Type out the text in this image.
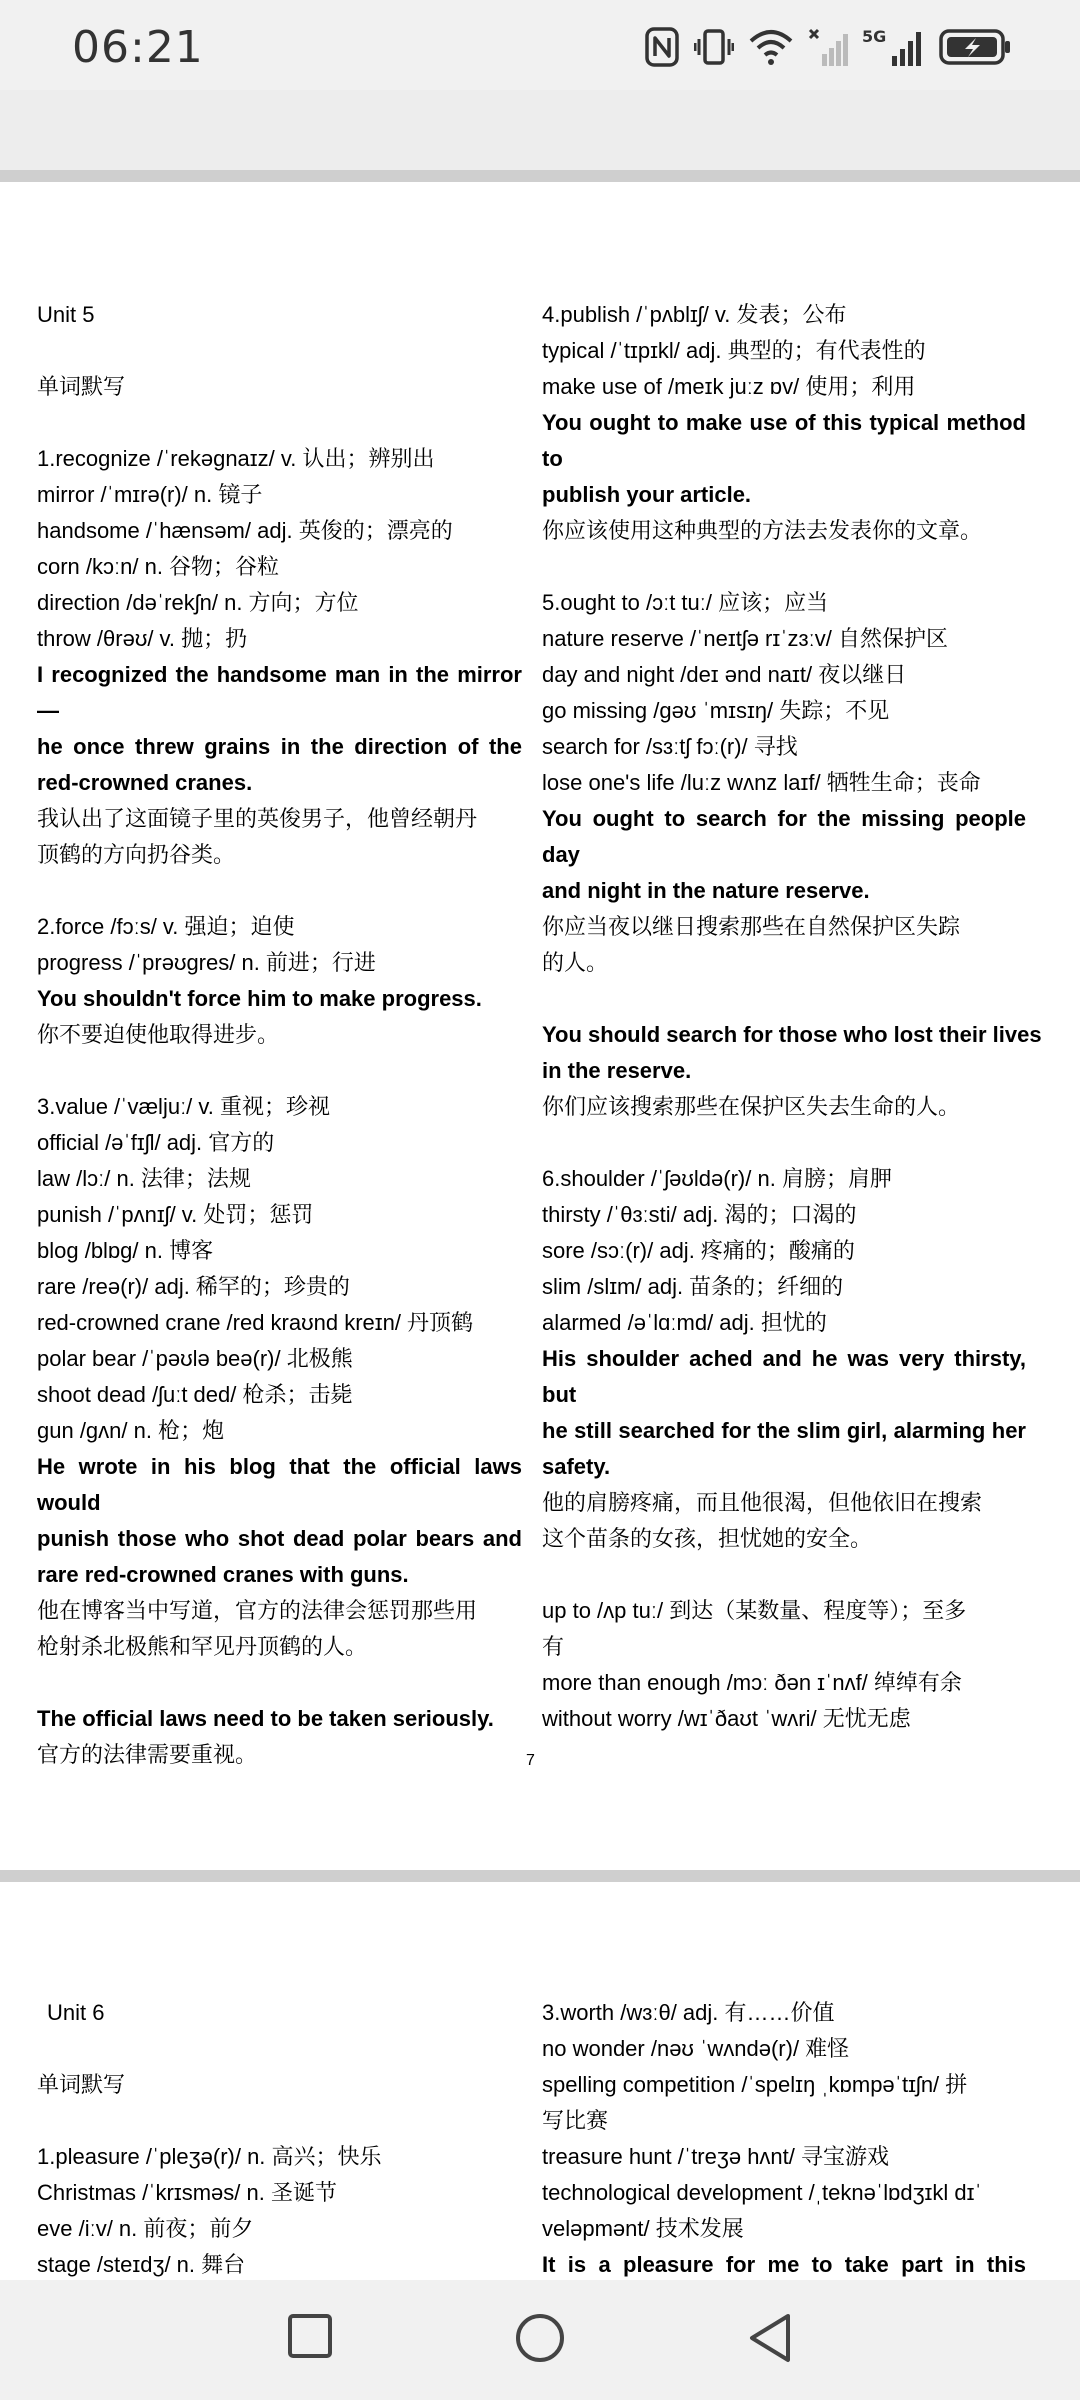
06:21	5G
Unit 5
单词默写
1.recognize /ˈrekəgnaɪz/ v. 认出；辨别出
mirror /ˈmɪrə(r)/ n. 镜子
handsome /ˈhænsəm/ adj. 英俊的；漂亮的
corn /kɔːn/ n. 谷物；谷粒
direction /dəˈrekʃn/ n. 方向；方位
throw /θrəʊ/ v. 抛；扔
I recognized the handsome man in the mirror—
he once threw grains in the direction of the
red-crowned cranes.
我认出了这面镜子里的英俊男子，他曾经朝丹
顶鹤的方向扔谷类。
2.force /fɔːs/ v. 强迫；迫使
progress /ˈprəʊgres/ n. 前进；行进
You shouldn't force him to make progress.
你不要迫使他取得进步。
3.value /ˈvæljuː/ v. 重视；珍视
official /əˈfɪʃl/ adj. 官方的
law /lɔː/ n. 法律；法规
punish /ˈpʌnɪʃ/ v. 处罚；惩罚
blog /blɒg/ n. 博客
rare /reə(r)/ adj. 稀罕的；珍贵的
red-crowned crane /red kraʊnd kreɪn/ 丹顶鹤
polar bear /ˈpəʊlə beə(r)/ 北极熊
shoot dead /ʃuːt ded/ 枪杀；击毙
gun /gʌn/ n. 枪；炮
He wrote in his blog that the official laws would
punish those who shot dead polar bears and
rare red-crowned cranes with guns.
他在博客当中写道，官方的法律会惩罚那些用
枪射杀北极熊和罕见丹顶鹤的人。
The official laws need to be taken seriously.
官方的法律需要重视。
4.publish /ˈpʌblɪʃ/ v. 发表；公布
typical /ˈtɪpɪkl/ adj. 典型的；有代表性的
make use of /meɪk juːz ɒv/ 使用；利用
You ought to make use of this typical method to
publish your article.
你应该使用这种典型的方法去发表你的文章。
5.ought to /ɔːt tuː/ 应该；应当
nature reserve /ˈneɪtʃə rɪˈzɜːv/ 自然保护区
day and night /deɪ ənd naɪt/ 夜以继日
go missing /gəʊ ˈmɪsɪŋ/ 失踪；不见
search for /sɜːtʃ fɔː(r)/ 寻找
lose one's life /luːz wʌnz laɪf/ 牺牲生命；丧命
You ought to search for the missing people day
and night in the nature reserve.
你应当夜以继日搜索那些在自然保护区失踪
的人。
You should search for those who lost their lives
in the reserve.
你们应该搜索那些在保护区失去生命的人。
6.shoulder /ˈʃəʊldə(r)/ n. 肩膀；肩胛
thirsty /ˈθɜːsti/ adj. 渴的；口渴的
sore /sɔː(r)/ adj. 疼痛的；酸痛的
slim /slɪm/ adj. 苗条的；纤细的
alarmed /əˈlɑːmd/ adj. 担忧的
His shoulder ached and he was very thirsty, but
he still searched for the slim girl, alarming her
safety.
他的肩膀疼痛，而且他很渴，但他依旧在搜索
这个苗条的女孩，担忧她的安全。
up to /ʌp tuː/ 到达（某数量、程度等）；至多
有
more than enough /mɔː ðən ɪˈnʌf/ 绰绰有余
without worry /wɪˈðaʊt ˈwʌri/ 无忧无虑
7
Unit 6
单词默写
1.pleasure /ˈpleʒə(r)/ n. 高兴；快乐
Christmas /ˈkrɪsməs/ n. 圣诞节
eve /iːv/ n. 前夜；前夕
stage /steɪdʒ/ n. 舞台
3.worth /wɜːθ/ adj. 有……价值
no wonder /nəʊ ˈwʌndə(r)/ 难怪
spelling competition /ˈspelɪŋ ˌkɒmpəˈtɪʃn/ 拼
写比赛
treasure hunt /ˈtreʒə hʌnt/ 寻宝游戏
technological development /ˌteknəˈlɒdʒɪkl dɪˈ
veləpmənt/ 技术发展
It is a pleasure for me to take part in this
